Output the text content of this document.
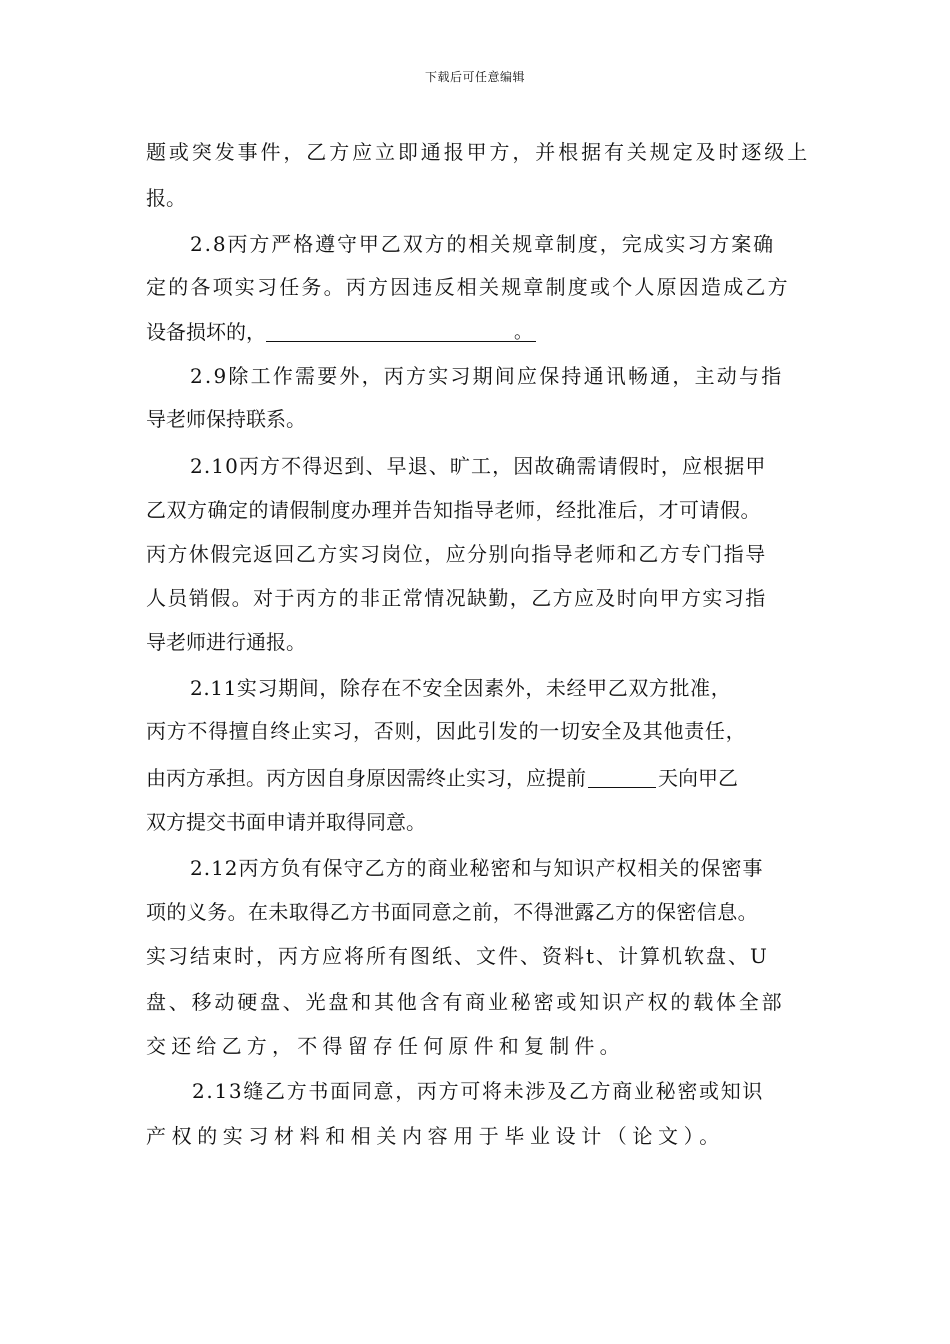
下载后可任意编辑
题或突发事件，乙方应立即通报甲方，并根据有关规定及时逐级上
报。
2.8丙方严格遵守甲乙双方的相关规章制度，完成实习方案确
定的各项实习任务。丙方因违反相关规章制度或个人原因造成乙方
设备损坏的，	。
2.9除工作需要外，丙方实习期间应保持通讯畅通，主动与指
导老师保持联系。
2.10丙方不得迟到、早退、旷工，因故确需请假时，应根据甲
乙双方确定的请假制度办理并告知指导老师，经批准后，才可请假。
丙方休假完返回乙方实习岗位，应分别向指导老师和乙方专门指导
人员销假。对于丙方的非正常情况缺勤，乙方应及时向甲方实习指
导老师进行通报。
2.11实习期间，除存在不安全因素外，未经甲乙双方批准，
丙方不得擅自终止实习，否则，因此引发的一切安全及其他责任，
由丙方承担。丙方因自身原因需终止实习，应提前	天向甲乙
双方提交书面申请并取得同意。
2.12丙方负有保守乙方的商业秘密和与知识产权相关的保密事
项的义务。在未取得乙方书面同意之前，不得泄露乙方的保密信息。
实习结束时，丙方应将所有图纸、文件、资料t、计算机软盘、U
盘、移动硬盘、光盘和其他含有商业秘密或知识产权的载体全部
交还给乙方，不得留存任何原件和复制件。
2.13缝乙方书面同意，丙方可将未涉及乙方商业秘密或知识
产权的实习材料和相关内容用于毕业设计（论文）。
